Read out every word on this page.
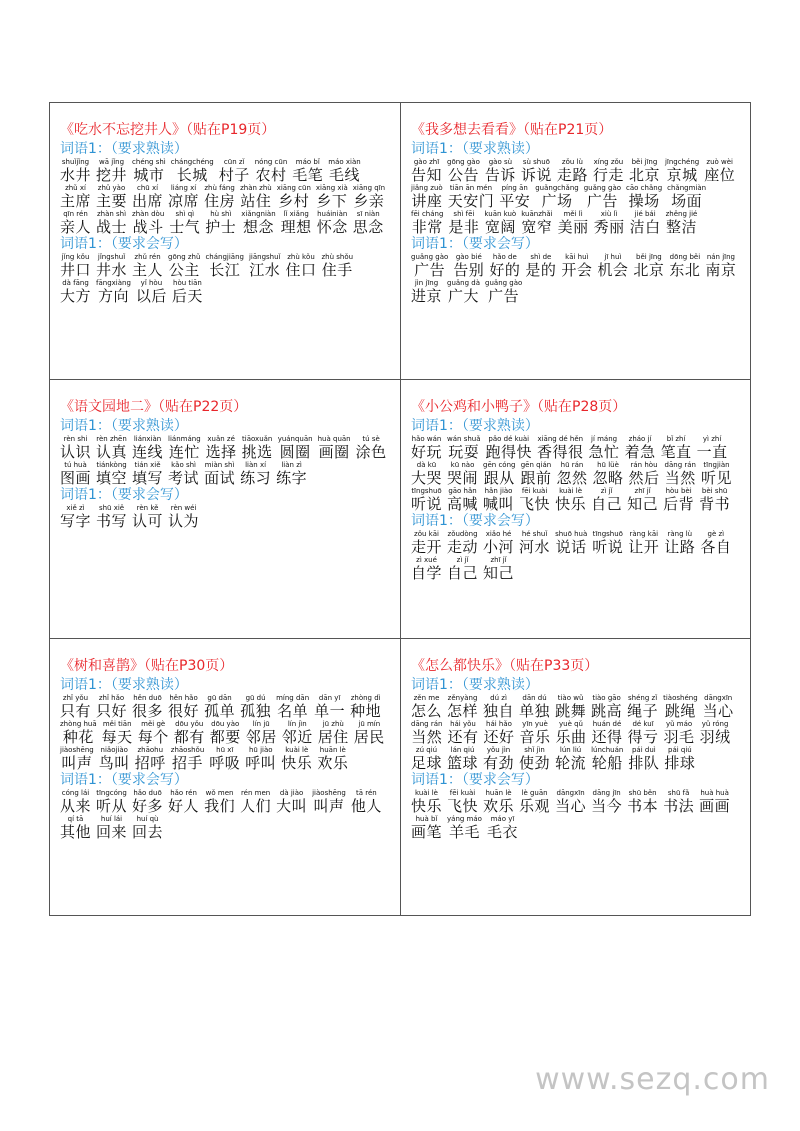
《吃水不忘挖井人》（贴在P19页）
词语1：（要求熟读）
shuǐjǐng
水井
wā jǐng
挖井
chéng shì
城市
chángchéng
长城
cūn zǐ
村子
nóng cūn
农村
máo bǐ
毛笔
máo xiàn
毛线
zhǔ xí
主席
zhǔ yào
主要
chū xí
出席
liáng xí
凉席
zhù fáng
住房
zhàn zhù
站住
xiāng cūn
乡村
xiāng xià
乡下
xiāng qīn
乡亲
qīn rén
亲人
zhàn shì
战士
zhàn dòu
战斗
shì qì
士气
hù shì
护士
xiǎngniàn
想念
lǐ xiǎng
理想
huáiniàn
怀念
sī niàn
思念
词语1：（要求会写）
jǐng kǒu
井口
jǐngshuǐ
井水
zhǔ rén
主人
gōng zhǔ
公主
chángjiāng
长江
jiāngshuǐ
江水
zhù kǒu
住口
zhù shǒu
住手
dà fāng
大方
fāngxiàng
方向
yǐ hòu
以后
hòu tiān
后天
《我多想去看看》（贴在P21页）
词语1：（要求熟读）
gào zhī
告知
gōng gào
公告
gào sù
告诉
sù shuō
诉说
zǒu lù
走路
xíng zǒu
行走
běi jīng
北京
jīngchéng
京城
zuò wèi
座位
jiǎng zuò
讲座
tiān ān mén
天安门
píng ān
平安
guǎngchǎng
广场
guǎng gào
广告
cāo chǎng
操场
chǎngmiàn
场面
fēi cháng
非常
shì fēi
是非
kuān kuò
宽阔
kuānzhǎi
宽窄
měi lì
美丽
xiù lì
秀丽
jié bái
洁白
zhěng jié
整洁
词语1：（要求会写）
guǎng gào
广告
gào bié
告别
hǎo de
好的
shì de
是的
kāi huì
开会
jī huì
机会
běi jīng
北京
dōng běi
东北
nán jīng
南京
jìn jīng
进京
guǎng dà
广大
guǎng gào
广告
《语文园地二》（贴在P22页）
词语1：（要求熟读）
rèn shi
认识
rèn zhēn
认真
liánxiàn
连线
liánmáng
连忙
xuǎn zé
选择
tiāoxuǎn
挑选
yuánquān
圆圈
huà quān
画圈
tú sè
涂色
tú huà
图画
tiánkòng
填空
tián xiě
填写
kǎo shì
考试
miàn shì
面试
liàn xí
练习
liàn zì
练字
词语1：（要求会写）
xiě zì
写字
shū xiě
书写
rèn kě
认可
rèn wéi
认为
《小公鸡和小鸭子》（贴在P28页）
词语1：（要求熟读）
hǎo wán
好玩
wán shuǎ
玩耍
pǎo dé kuài
跑得快
xiāng dé hěn
香得很
jí máng
急忙
zháo jí
着急
bǐ zhí
笔直
yì zhí
一直
dà kū
大哭
kū nào
哭闹
gēn cóng
跟从
gēn qián
跟前
hū rán
忽然
hū lüè
忽略
rán hòu
然后
dāng rán
当然
tīngjiàn
听见
tīngshuō
听说
gāo hǎn
高喊
hǎn jiào
喊叫
fēi kuài
飞快
kuài lè
快乐
zì jǐ
自己
zhī jǐ
知己
hòu bèi
后背
bèi shū
背书
词语1：（要求会写）
zǒu kāi
走开
zǒudòng
走动
xiǎo hé
小河
hé shuǐ
河水
shuō huà
说话
tīngshuō
听说
ràng kāi
让开
ràng lù
让路
gè zì
各自
zì xué
自学
zì jǐ
自己
zhī jǐ
知己
《树和喜鹊》（贴在P30页）
词语1：（要求熟读）
zhǐ yǒu
只有
zhǐ hǎo
只好
hěn duō
很多
hěn hǎo
很好
gū dān
孤单
gū dú
孤独
míng dān
名单
dān yī
单一
zhòng dì
种地
zhòng huā
种花
měi tiān
每天
měi gè
每个
dōu yǒu
都有
dōu yào
都要
lín jū
邻居
lín jìn
邻近
jū zhù
居住
jū mín
居民
jiàoshēng
叫声
niǎojiào
鸟叫
zhāohu
招呼
zhāoshǒu
招手
hū xī
呼吸
hū jiào
呼叫
kuài lè
快乐
huān lè
欢乐
词语1：（要求会写）
cóng lái
从来
tīngcóng
听从
hǎo duō
好多
hǎo rén
好人
wǒ men
我们
rén men
人们
dà jiào
大叫
jiàoshēng
叫声
tā rén
他人
qí tā
其他
huí lái
回来
huí qù
回去
《怎么都快乐》（贴在P33页）
词语1：（要求熟读）
zěn me
怎么
zěnyàng
怎样
dú zì
独自
dān dú
单独
tiào wǔ
跳舞
tiào gāo
跳高
shéng zǐ
绳子
tiàoshéng
跳绳
dāngxīn
当心
dāng rán
当然
hái yǒu
还有
hái hǎo
还好
yīn yuè
音乐
yuè qǔ
乐曲
huán dé
还得
dé kuī
得亏
yǔ máo
羽毛
yǔ róng
羽绒
zú qiú
足球
lán qiú
篮球
yǒu jìn
有劲
shǐ jìn
使劲
lún liú
轮流
lúnchuán
轮船
pái duì
排队
pái qiú
排球
词语1：（要求会写）
kuài lè
快乐
fēi kuài
飞快
huān lè
欢乐
lè guān
乐观
dāngxīn
当心
dāng jīn
当今
shū běn
书本
shū fǎ
书法
huà huà
画画
huà bǐ
画笔
yáng máo
羊毛
máo yī
毛衣
www.sezq.com
